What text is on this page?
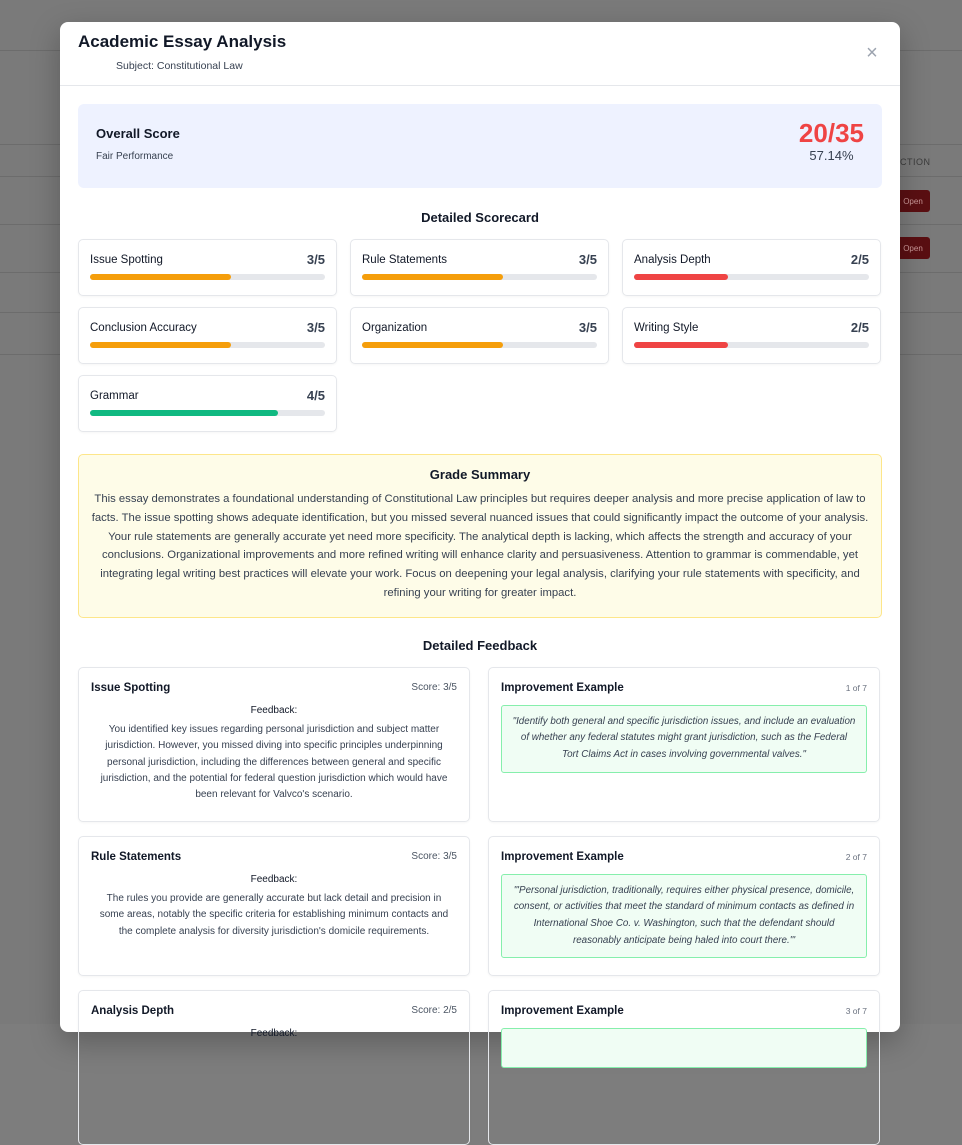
CTION
Open
Open
Academic Essay Analysis
Subject: Constitutional Law
×
Overall Score
Fair Performance
20/35
57.14%
Detailed Scorecard
Issue Spotting	3/5	Rule Statements	3/5	Analysis Depth	2/5
Conclusion Accuracy	3/5	Organization	3/5	Writing Style	2/5
Grammar	4/5
Grade Summary
This essay demonstrates a foundational understanding of Constitutional Law principles but requires deeper analysis and more precise application of law to facts. The issue spotting shows adequate identification, but you missed several nuanced issues that could significantly impact the outcome of your analysis. Your rule statements are generally accurate yet need more specificity. The analytical depth is lacking, which affects the strength and accuracy of your conclusions. Organizational improvements and more refined writing will enhance clarity and persuasiveness. Attention to grammar is commendable, yet integrating legal writing best practices will elevate your work. Focus on deepening your legal analysis, clarifying your rule statements with specificity, and refining your writing for greater impact.
Detailed Feedback
Issue Spotting	Score: 3/5
Feedback:
You identified key issues regarding personal jurisdiction and subject matter jurisdiction. However, you missed diving into specific principles underpinning personal jurisdiction, including the differences between general and specific jurisdiction, and the potential for federal question jurisdiction which would have been relevant for Valvco's scenario.
Improvement Example	1 of 7
"Identify both general and specific jurisdiction issues, and include an evaluation of whether any federal statutes might grant jurisdiction, such as the Federal Tort Claims Act in cases involving governmental valves."
Rule Statements	Score: 3/5
Feedback:
The rules you provide are generally accurate but lack detail and precision in some areas, notably the specific criteria for establishing minimum contacts and the complete analysis for diversity jurisdiction's domicile requirements.
Improvement Example	2 of 7
"'Personal jurisdiction, traditionally, requires either physical presence, domicile, consent, or activities that meet the standard of minimum contacts as defined in International Shoe Co. v. Washington, such that the defendant should reasonably anticipate being haled into court there.'"
Analysis Depth	Score: 2/5
Feedback:
Improvement Example	3 of 7
